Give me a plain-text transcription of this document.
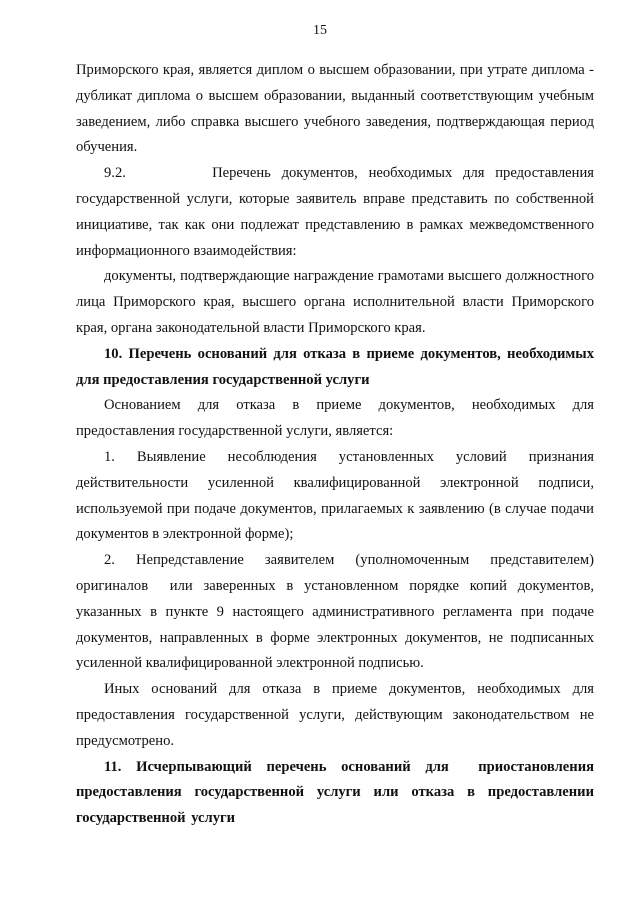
15

Приморского края, является диплом о высшем образовании, при утрате диплома - дубликат диплома о высшем образовании, выданный соответствующим учебным заведением, либо справка высшего учебного заведения, подтверждающая период обучения.

9.2.        Перечень документов, необходимых для предоставления государственной услуги, которые заявитель вправе представить по собственной инициативе, так как они подлежат представлению в рамках межведомственного информационного взаимодействия:

документы, подтверждающие награждение грамотами высшего должностного лица Приморского края, высшего органа исполнительной власти Приморского края, органа законодательной власти Приморского края.

10. Перечень оснований для отказа в приеме документов, необходимых для предоставления государственной услуги

Основанием для отказа в приеме документов, необходимых для предоставления государственной услуги, является:

1. Выявление несоблюдения установленных условий признания действительности усиленной квалифицированной электронной подписи, используемой при подаче документов, прилагаемых к заявлению (в случае подачи документов в электронной форме);

2. Непредставление заявителем (уполномоченным представителем) оригиналов  или заверенных в установленном порядке копий документов, указанных в пункте 9 настоящего административного регламента при подаче документов, направленных в форме электронных документов, не подписанных усиленной квалифицированной электронной подписью.

Иных оснований для отказа в приеме документов, необходимых для предоставления государственной услуги, действующим законодательством не предусмотрено.

11. Исчерпывающий перечень оснований для  приостановления предоставления государственной услуги или отказа в предоставлении государственной услуги
